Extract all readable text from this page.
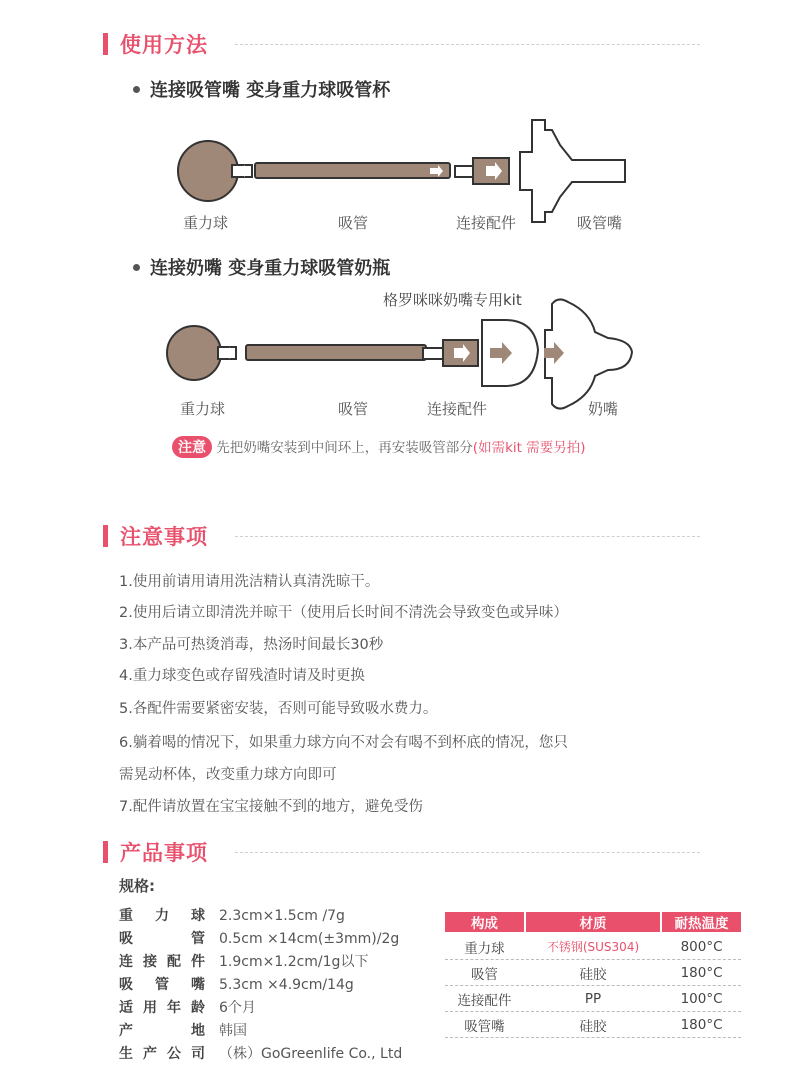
使用方法
连接吸管嘴 变身重力球吸管杯
重力球	吸管	连接配件	吸管嘴
连接奶嘴 变身重力球吸管奶瓶
格罗咪咪奶嘴专用kit
重力球	吸管	连接配件	奶嘴
注意 先把奶嘴安装到中间环上，再安装吸管部分(如需kit 需要另拍)
注意事项
1.使用前请用请用洗洁精认真清洗晾干。
2.使用后请立即清洗并晾干（使用后长时间不清洗会导致变色或异味）
3.本产品可热烫消毒，热汤时间最长30秒
4.重力球变色或存留残渣时请及时更换
5.各配件需要紧密安装，否则可能导致吸水费力。
6.躺着喝的情况下，如果重力球方向不对会有喝不到杯底的情况，您只
需晃动杯体，改变重力球方向即可
7.配件请放置在宝宝接触不到的地方，避免受伤
产品事项
规格:
重力球 2.3cm×1.5cm /7g
吸管 0.5cm ×14cm(±3mm)/2g
连接配件 1.9cm×1.2cm/1g以下
吸管嘴 5.3cm ×4.9cm/14g
适用年龄 6个月
产地 韩国
生产公司 （株）GoGreenlife Co., Ltd
构成	材质	耐热温度
重力球	不锈钢(SUS304)	800°C
吸管	硅胶	180°C
连接配件	PP	100°C
吸管嘴	硅胶	180°C
